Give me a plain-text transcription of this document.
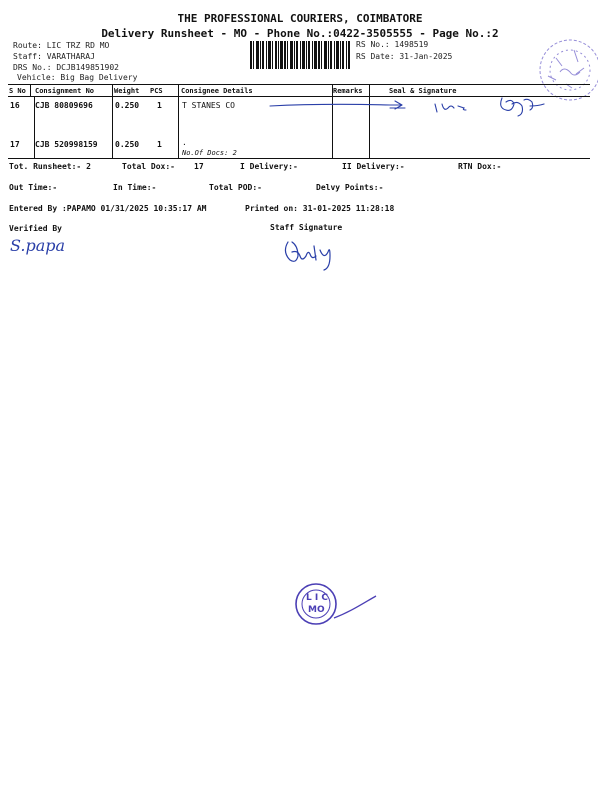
THE PROFESSIONAL COURIERS, COIMBATORE
Delivery Runsheet - MO - Phone No.:0422-3505555 - Page No.:2
Route: LIC TRZ RD MO
Staff: VARATHARAJ
DRS No.: DCJB149851902
Vehicle: Big Bag Delivery
RS No.: 1498519
RS Date: 31-Jan-2025
S No Consignment No	Weight PCS	Consignee Details	Remarks	Seal & Signature
16 CJB 80809696	0.250 1	T STANES CO
17 CJB 520998159 0.250 1	.
No.Of Docs: 2
Tot. Runsheet:- 2	Total Dox:- 17	I Delivery:-	II Delivery:-	RTN Dox:-
Out Time:-	In Time:-	Total POD:-	Delvy Points:-
Entered By :PAPAMO 01/31/2025 10:35:17 AM	Printed on: 31-01-2025 11:28:18
Verified By	Staff Signature
S.papa
L I C
MO
